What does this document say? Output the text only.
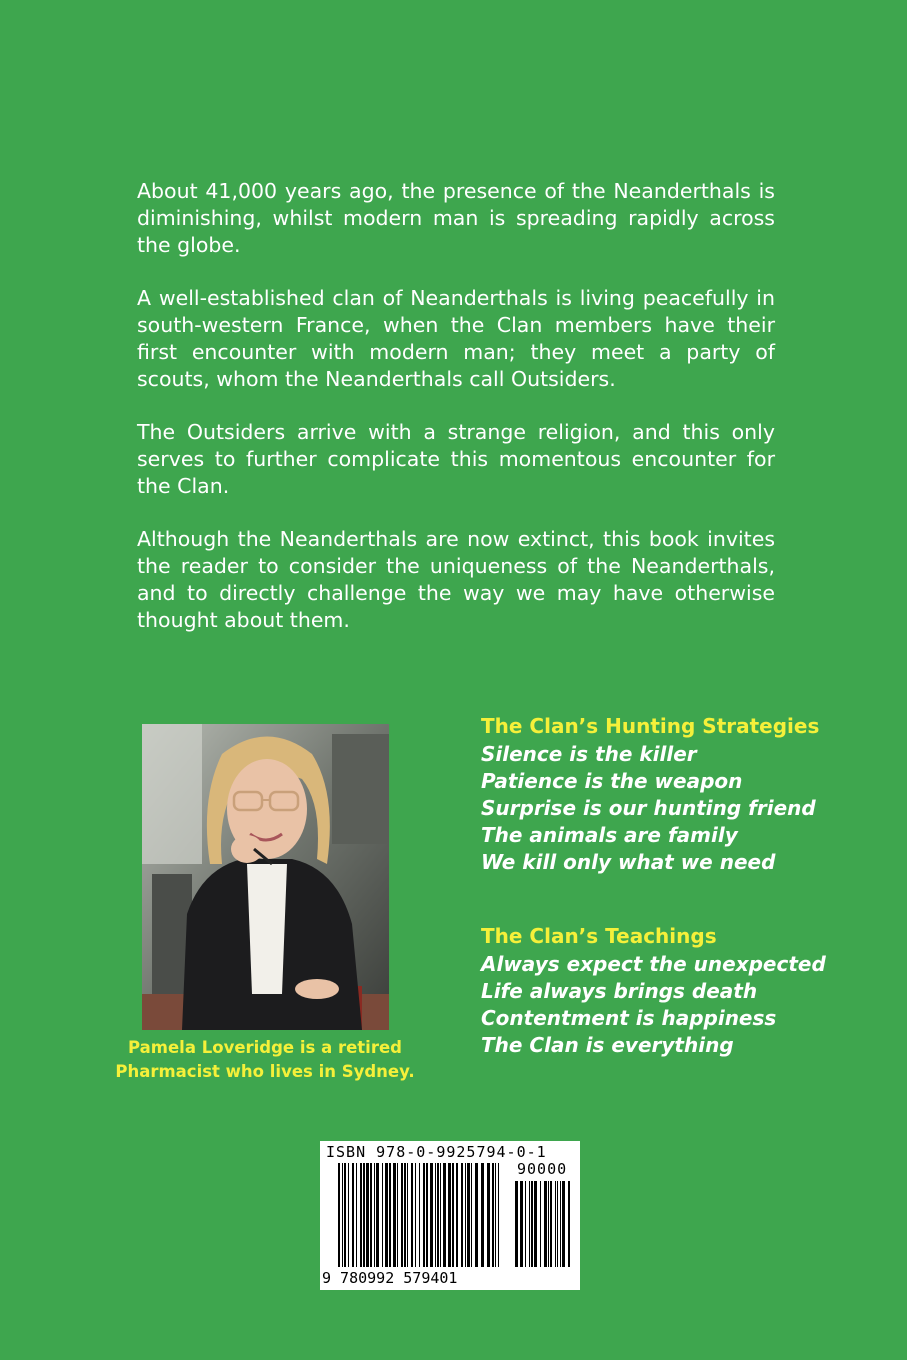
About 41,000 years ago, the presence of the Neanderthals is diminishing, whilst modern man is spreading rapidly across the globe.

A well-established clan of Neanderthals is living peacefully in south-western France, when the Clan members have their first encounter with modern man; they meet a party of scouts, whom the Neanderthals call Outsiders.

The Outsiders arrive with a strange religion, and this only serves to further complicate this momentous encounter for the Clan.

Although the Neanderthals are now extinct, this book invites the reader to consider the uniqueness of the Neanderthals, and to directly challenge the way we may have otherwise thought about them.

Pamela Loveridge is a retired
Pharmacist who lives in Sydney.
The Clan’s Hunting Strategies
Silence is the killer
Patience is the weapon
Surprise is our hunting friend
The animals are family
We kill only what we need
The Clan’s Teachings
Always expect the unexpected
Life always brings death
Contentment is happiness
The Clan is everything
ISBN 978-0-9925794-0-1
90000
9 780992 579401
